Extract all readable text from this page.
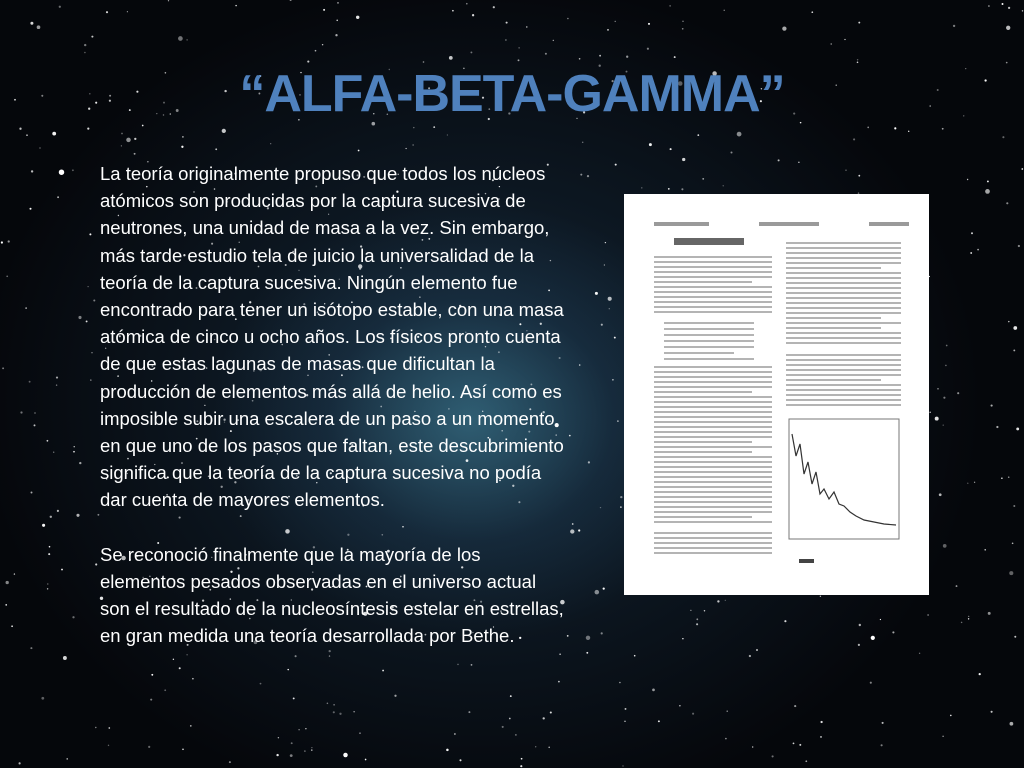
“ALFA-BETA-GAMMA”
• La teoría originalmente propuso que todos los núcleos atómicos son producidas por la captura sucesiva de neutrones, una unidad de masa a la vez. Sin embargo, más tarde estudio tela de juicio la universalidad de la teoría de la captura sucesiva. Ningún elemento fue encontrado para tener un isótopo estable, con una masa atómica de cinco u ocho años. Los físicos pronto cuenta de que estas lagunas de masas que dificultan la producción de elementos más allá de helio. Así como es imposible subir una escalera de un paso a un momento en que uno de los pasos que faltan, este descubrimiento significa que la teoría de la captura sucesiva no podía dar cuenta de mayores elementos.

Se reconoció finalmente que la mayoría de los elementos pesados observadas en el universo actual son el resultado de la nucleosíntesis estelar en estrellas, en gran medida una teoría desarrollada por Bethe.
